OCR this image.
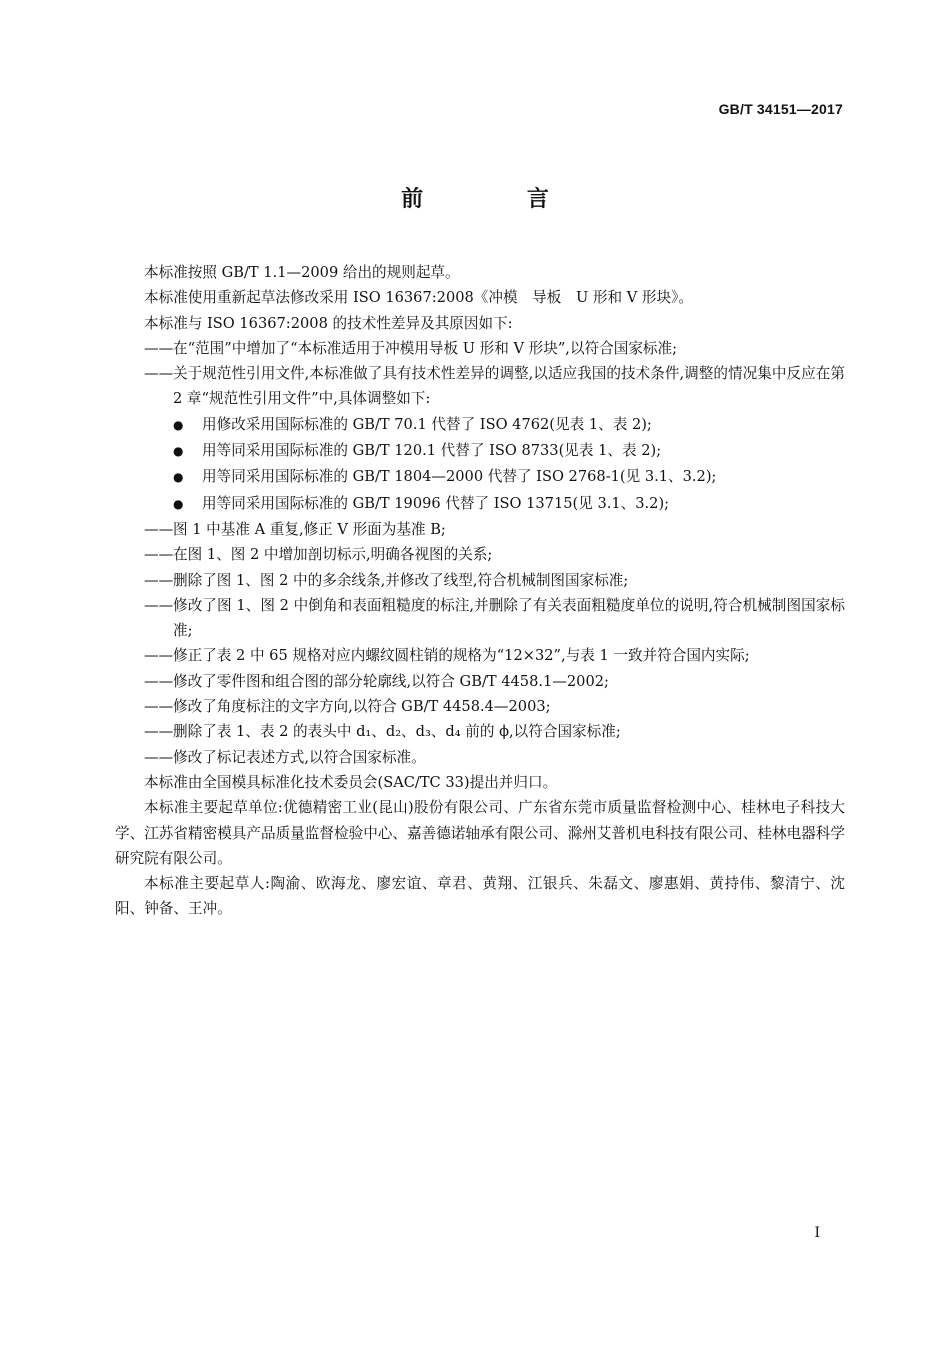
GB/T 34151—2017
前 言

本标准按照 GB/T 1.1—2009 给出的规则起草。

本标准使用重新起草法修改采用 ISO 16367:2008《冲模　导板　U 形和 V 形块》。

本标准与 ISO 16367:2008 的技术性差异及其原因如下:

——在“范围”中增加了“本标准适用于冲模用导板 U 形和 V 形块”,以符合国家标准;

——关于规范性引用文件,本标准做了具有技术性差异的调整,以适应我国的技术条件,调整的情况集中反应在第 2 章“规范性引用文件”中,具体调整如下:

● 用修改采用国际标准的 GB/T 70.1 代替了 ISO 4762(见表 1、表 2);

● 用等同采用国际标准的 GB/T 120.1 代替了 ISO 8733(见表 1、表 2);

● 用等同采用国际标准的 GB/T 1804—2000 代替了 ISO 2768-1(见 3.1、3.2);

● 用等同采用国际标准的 GB/T 19096 代替了 ISO 13715(见 3.1、3.2);

——图 1 中基准 A 重复,修正 V 形面为基准 B;

——在图 1、图 2 中增加剖切标示,明确各视图的关系;

——删除了图 1、图 2 中的多余线条,并修改了线型,符合机械制图国家标准;

——修改了图 1、图 2 中倒角和表面粗糙度的标注,并删除了有关表面粗糙度单位的说明,符合机械制图国家标准;

——修正了表 2 中 65 规格对应内螺纹圆柱销的规格为“12×32”,与表 1 一致并符合国内实际;

——修改了零件图和组合图的部分轮廓线,以符合 GB/T 4458.1—2002;

——修改了角度标注的文字方向,以符合 GB/T 4458.4—2003;

——删除了表 1、表 2 的表头中 d₁、d₂、d₃、d₄ 前的 ϕ,以符合国家标准;

——修改了标记表述方式,以符合国家标准。

本标准由全国模具标准化技术委员会(SAC/TC 33)提出并归口。

本标准主要起草单位:优德精密工业(昆山)股份有限公司、广东省东莞市质量监督检测中心、桂林电子科技大学、江苏省精密模具产品质量监督检验中心、嘉善德诺轴承有限公司、滁州艾普机电科技有限公司、桂林电器科学研究院有限公司。

本标准主要起草人:陶渝、欧海龙、廖宏谊、章君、黄翔、江银兵、朱磊文、廖惠娟、黄持伟、黎清宁、沈阳、钟备、王冲。

I
